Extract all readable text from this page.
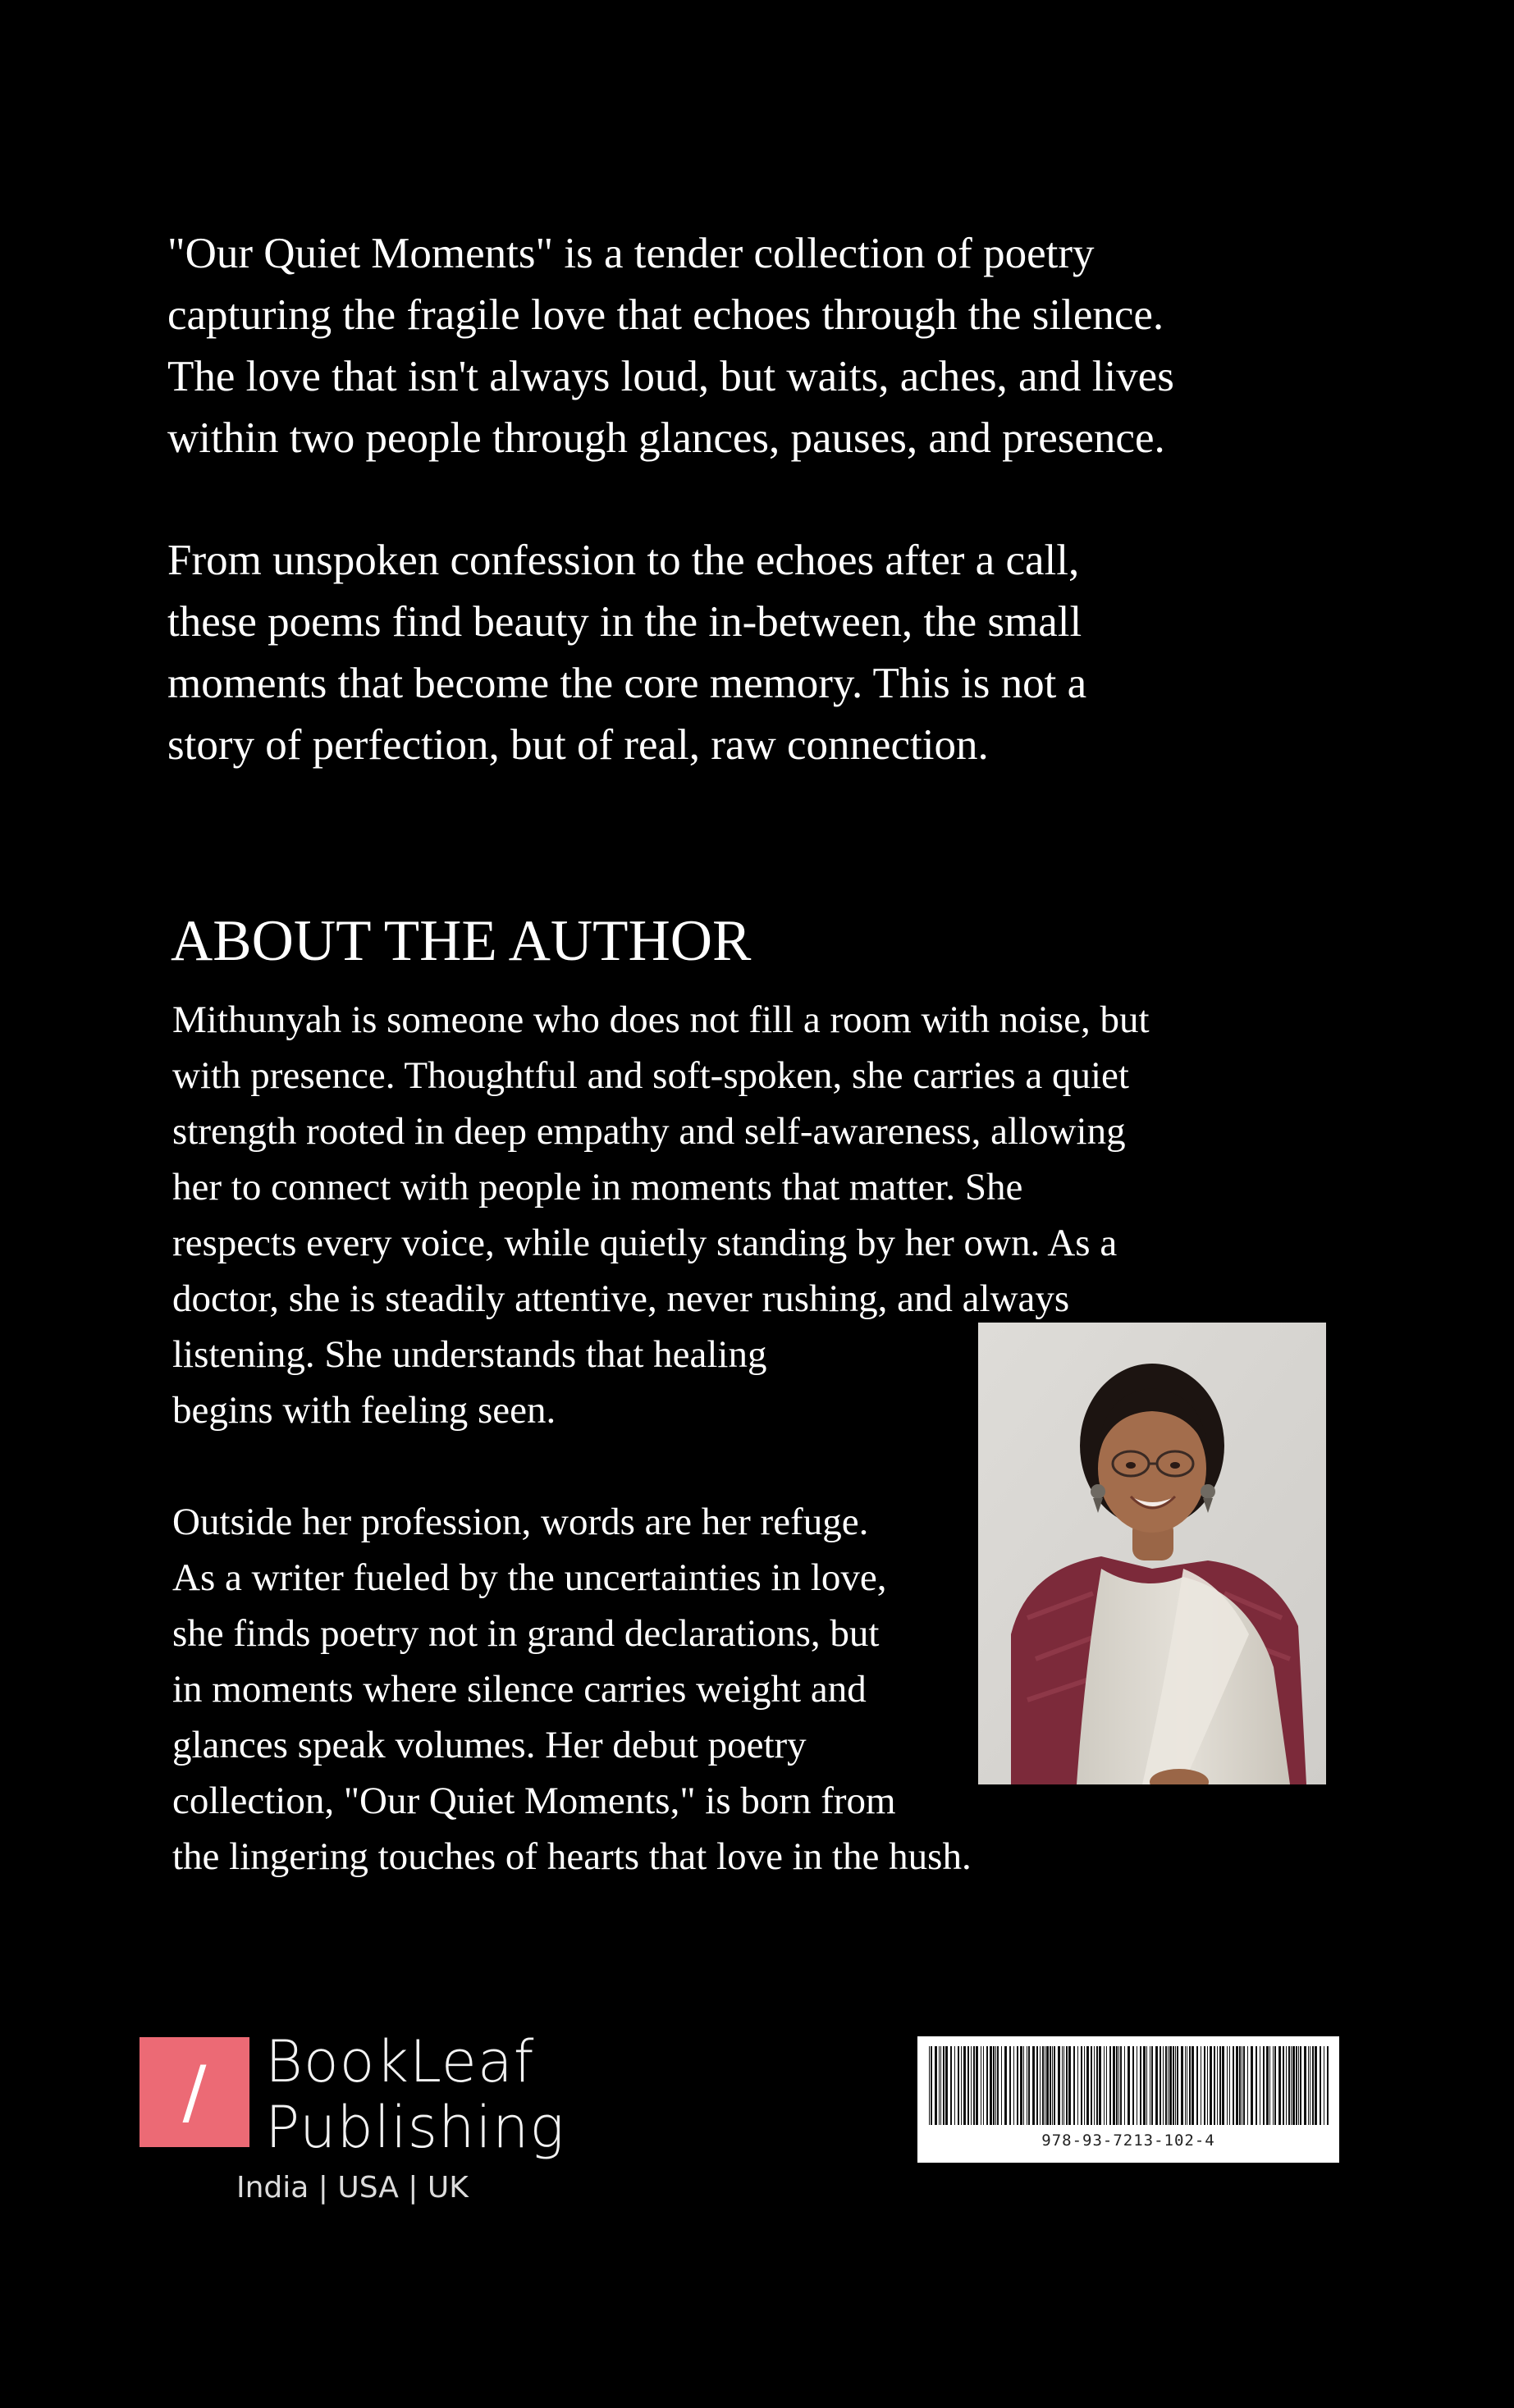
"Our Quiet Moments" is a tender collection of poetry
capturing the fragile love that echoes through the silence.
The love that isn't always loud, but waits, aches, and lives
within two people through glances, pauses, and presence.

From unspoken confession to the echoes after a call,
these poems find beauty in the in-between, the small
moments that become the core memory. This is not a
story of perfection, but of real, raw connection.

ABOUT THE AUTHOR

Mithunyah is someone who does not fill a room with noise, but
with presence. Thoughtful and soft-spoken, she carries a quiet
strength rooted in deep empathy and self-awareness, allowing
her to connect with people in moments that matter. She
respects every voice, while quietly standing by her own. As a
doctor, she is steadily attentive, never rushing, and always
listening. She understands that healing
begins with feeling seen.

Outside her profession, words are her refuge.
As a writer fueled by the uncertainties in love,
she finds poetry not in grand declarations, but
in moments where silence carries weight and
glances speak volumes. Her debut poetry
collection, "Our Quiet Moments," is born from
the lingering touches of hearts that love in the hush.

/	BookLeaf
Publishing
India | USA | UK
978-93-7213-102-4
